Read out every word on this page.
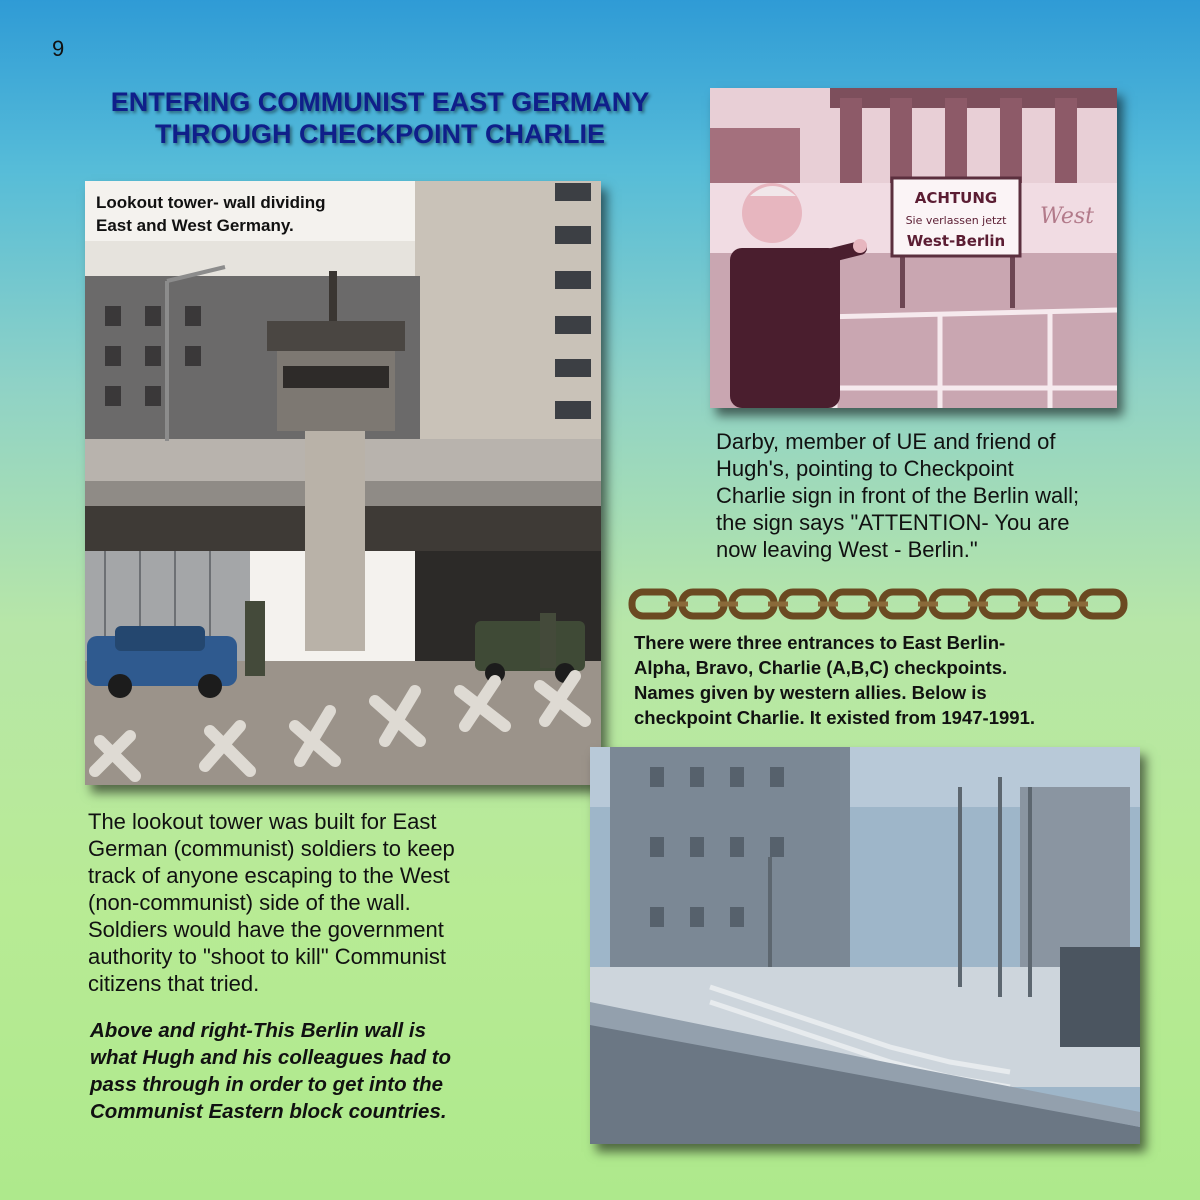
9
ENTERING COMMUNIST EAST GERMANY
THROUGH CHECKPOINT CHARLIE
Lookout tower- wall dividing
East and West Germany.
ACHTUNG
Sie verlassen jetzt
West-Berlin
West
Darby, member of UE and friend of
Hugh's, pointing to Checkpoint
Charlie sign in front of the Berlin wall;
the sign says "ATTENTION- You are
now leaving West - Berlin."
There were three entrances to East Berlin-
Alpha, Bravo, Charlie (A,B,C) checkpoints.
Names given by western allies. Below is
checkpoint Charlie. It existed from 1947-1991.
The lookout tower was built for East
German (communist) soldiers to keep
track of anyone escaping to the West
(non-communist) side of the wall.
Soldiers would have the government
authority to "shoot to kill" Communist
citizens that tried.
Above and right-This Berlin wall is
what Hugh and his colleagues had to
pass through in order to get into the
Communist Eastern block countries.
